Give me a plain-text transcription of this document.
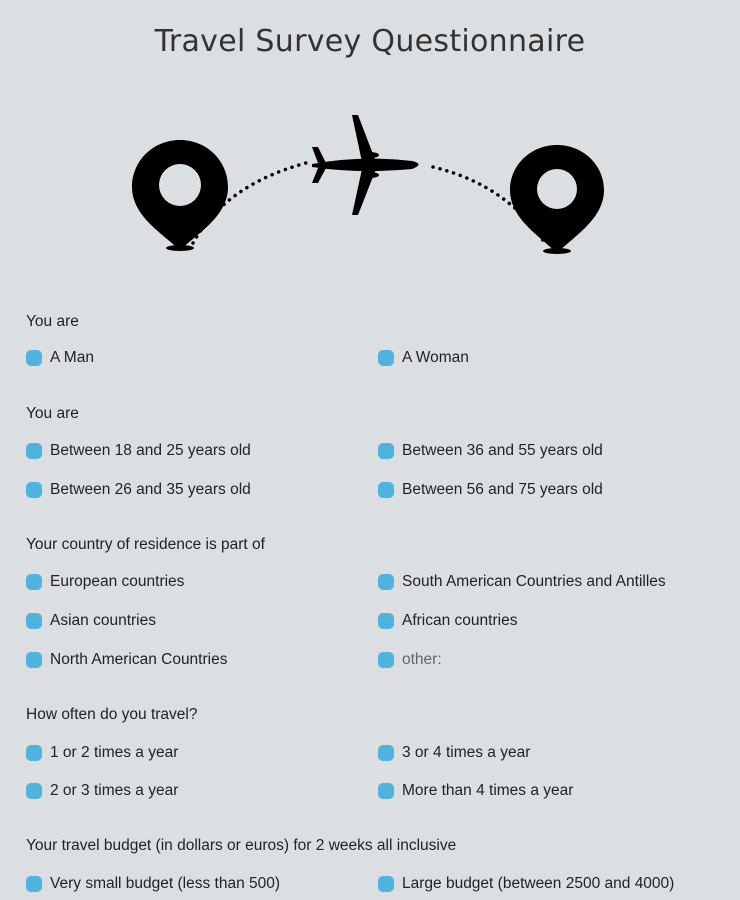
Travel Survey Questionnaire
You are
A Man	A Woman
You are
Between 18 and 25 years old	Between 36 and 55 years old
Between 26 and 35 years old	Between 56 and 75 years old
Your country of residence is part of
European countries	South American Countries and Antilles
Asian countries	African countries
North American Countries	other:
How often do you travel?
1 or 2 times a year	3 or 4 times a year
2 or 3 times a year	More than 4 times a year
Your travel budget (in dollars or euros) for 2 weeks all inclusive
Very small budget (less than 500)	Large budget (between 2500 and 4000)
